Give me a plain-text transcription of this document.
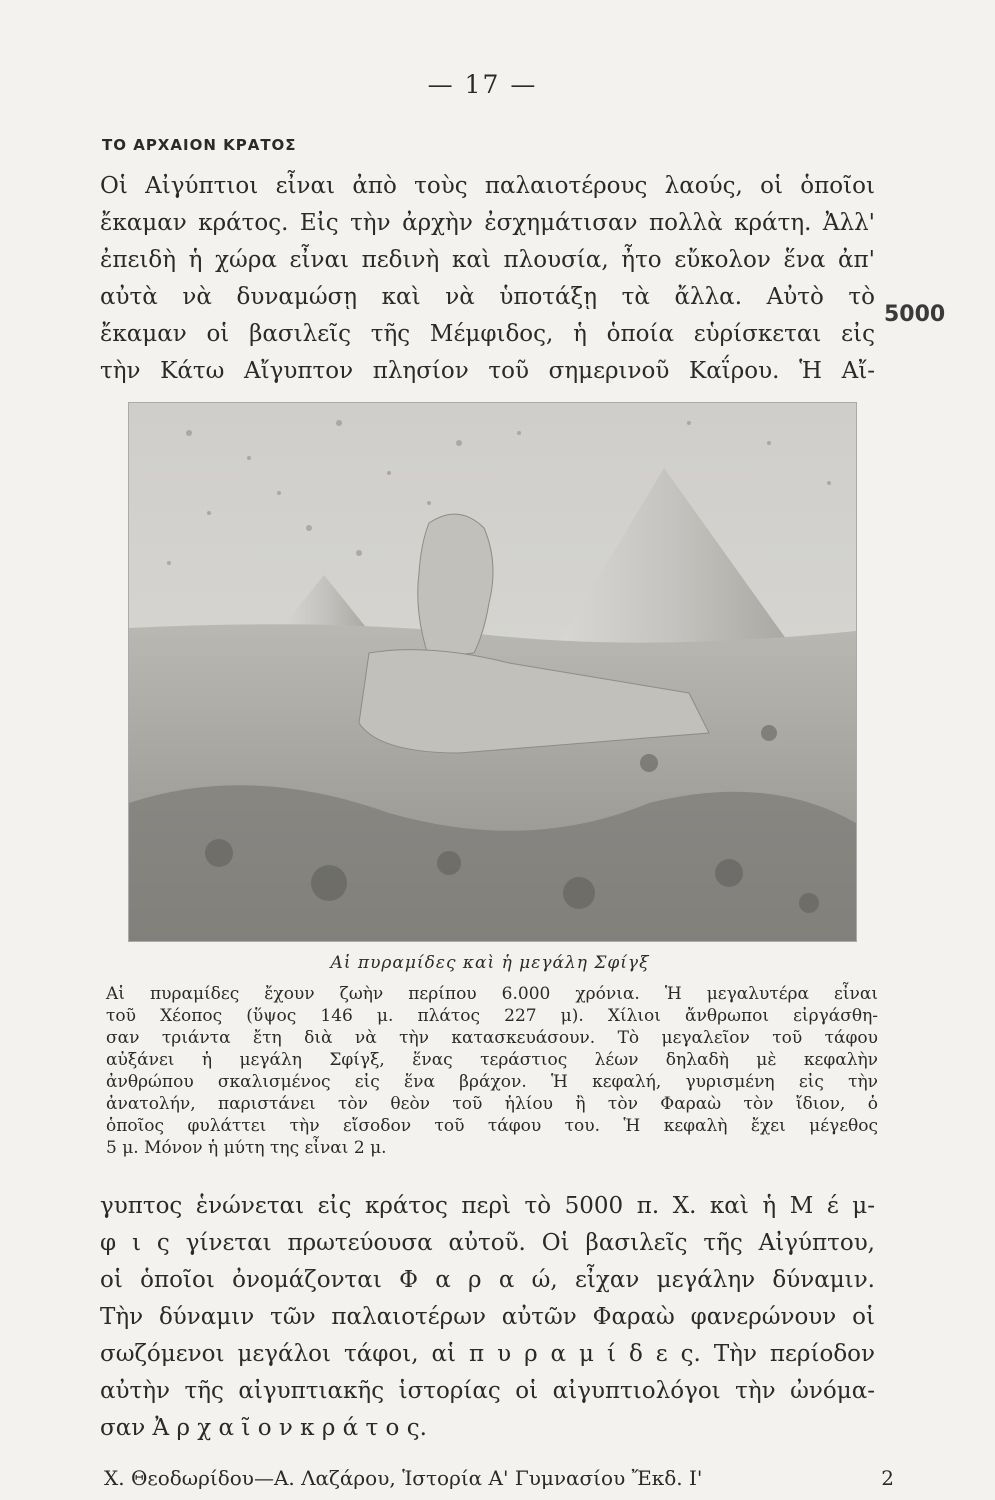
— 17 —
ΤΟ ΑΡΧΑΙΟΝ ΚΡΑΤΟΣ
Οἱ Αἰγύπτιοι εἶναι ἀπὸ τοὺς παλαιοτέρους λαούς, οἱ ὁποῖοι
ἔκαμαν κράτος. Εἰς τὴν ἀρχὴν ἐσχημάτισαν πολλὰ κράτη. Ἀλλ'
ἐπειδὴ ἡ χώρα εἶναι πεδινὴ καὶ πλουσία, ἦτο εὔκολον ἕνα ἀπ'
αὐτὰ νὰ δυναμώσῃ καὶ νὰ ὑποτάξῃ τὰ ἄλλα. Αὐτὸ τὸ
ἔκαμαν οἱ βασιλεῖς τῆς Μέμφιδος, ἡ ὁποία εὑρίσκεται εἰς
τὴν Κάτω Αἴγυπτον πλησίον τοῦ σημερινοῦ Καΐρου. Ἡ Αἴ-
5000
Αἱ πυραμίδες καὶ ἡ μεγάλη Σφίγξ
Αἱ πυραμίδες ἔχουν ζωὴν περίπου 6.000 χρόνια. Ἡ μεγαλυτέρα εἶναι
τοῦ Χέοπος (ὕψος 146 μ. πλάτος 227 μ). Χίλιοι ἄνθρωποι εἰργάσθη-
σαν τριάντα ἔτη διὰ νὰ τὴν κατασκευάσουν. Τὸ μεγαλεῖον τοῦ τάφου
αὐξάνει ἡ μεγάλη Σφίγξ, ἕνας τεράστιος λέων δηλαδὴ μὲ κεφαλὴν
ἀνθρώπου σκαλισμένος εἰς ἕνα βράχον. Ἡ κεφαλή, γυρισμένη εἰς τὴν
ἀνατολήν, παριστάνει τὸν θεὸν τοῦ ἡλίου ἢ τὸν Φαραὼ τὸν ἴδιον, ὁ
ὁποῖος φυλάττει τὴν εἴσοδον τοῦ τάφου του. Ἡ κεφαλὴ ἔχει μέγεθος
5 μ. Μόνον ἡ μύτη της εἶναι 2 μ.
γυπτος ἑνώνεται εἰς κράτος περὶ τὸ 5000 π. Χ. καὶ ἡ Μ έ μ-
φ ι ς γίνεται πρωτεύουσα αὐτοῦ. Οἱ βασιλεῖς τῆς Αἰγύπτου,
οἱ ὁποῖοι ὀνομάζονται Φ α ρ α ώ, εἶχαν μεγάλην δύναμιν.
Τὴν δύναμιν τῶν παλαιοτέρων αὐτῶν Φαραὼ φανερώνουν οἱ
σωζόμενοι μεγάλοι τάφοι, αἱ π υ ρ α μ ί δ ε ς. Τὴν περίοδον
αὐτὴν τῆς αἰγυπτιακῆς ἱστορίας οἱ αἰγυπτιολόγοι τὴν ὠνόμα-
σαν Ἀ ρ χ α ῖ ο ν κ ρ ά τ ο ς.
Χ. Θεοδωρίδου—Α. Λαζάρου, Ἱστορία Α' Γυμνασίου Ἔκδ. Ι'	2
